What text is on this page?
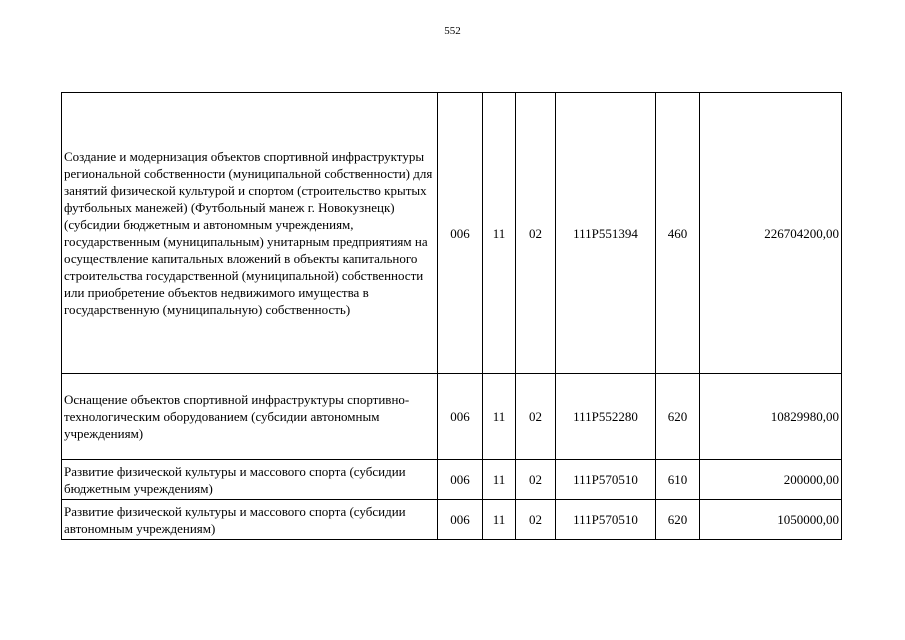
552
Создание и модернизация объектов спортивной инфраструктуры региональной собственности (муниципальной собственности) для занятий физической культурой и спортом (строительство крытых футбольных манежей) (Футбольный манеж г. Новокузнецк) (субсидии бюджетным и автономным учреждениям, государственным (муниципальным) унитарным предприятиям на осуществление капитальных вложений в объекты капитального строительства государственной (муниципальной) собственности или приобретение объектов недвижимого имущества в государственную (муниципальную) собственность)	006	11	02	111P551394	460	226704200,00
Оснащение объектов спортивной инфраструктуры спортивно-технологическим оборудованием (субсидии автономным учреждениям)	006	11	02	111P552280	620	10829980,00
Развитие физической культуры и массового спорта (субсидии бюджетным учреждениям)	006	11	02	111P570510	610	200000,00
Развитие физической культуры и массового спорта (субсидии автономным учреждениям)	006	11	02	111P570510	620	1050000,00
